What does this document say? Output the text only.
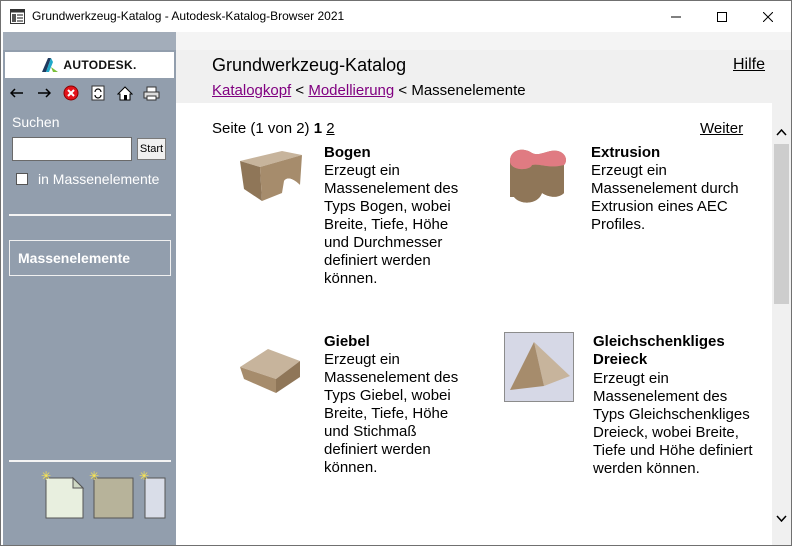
Grundwerkzeug-Katalog - Autodesk-Katalog-Browser 2021
AUTODESK.
Suchen
Start
in Massenelemente
Massenelemente
✳	✳	✳
Grundwerkzeug-Katalog	Hilfe
Katalogkopf < Modellierung < Massenelemente
Seite (1 von 2) 1 2	Weiter
Bogen
Erzeugt ein Massenelement des Typs Bogen, wobei Breite, Tiefe, Höhe und Durchmesser definiert werden können.
Extrusion
Erzeugt ein Massenelement durch Extrusion eines AEC Profiles.
Giebel
Erzeugt ein Massenelement des Typs Giebel, wobei Breite, Tiefe, Höhe und Stichmaß definiert werden können.
Gleichschenkliges Dreieck
Erzeugt ein Massenelement des Typs Gleichschenkliges Dreieck, wobei Breite, Tiefe und Höhe definiert werden können.
